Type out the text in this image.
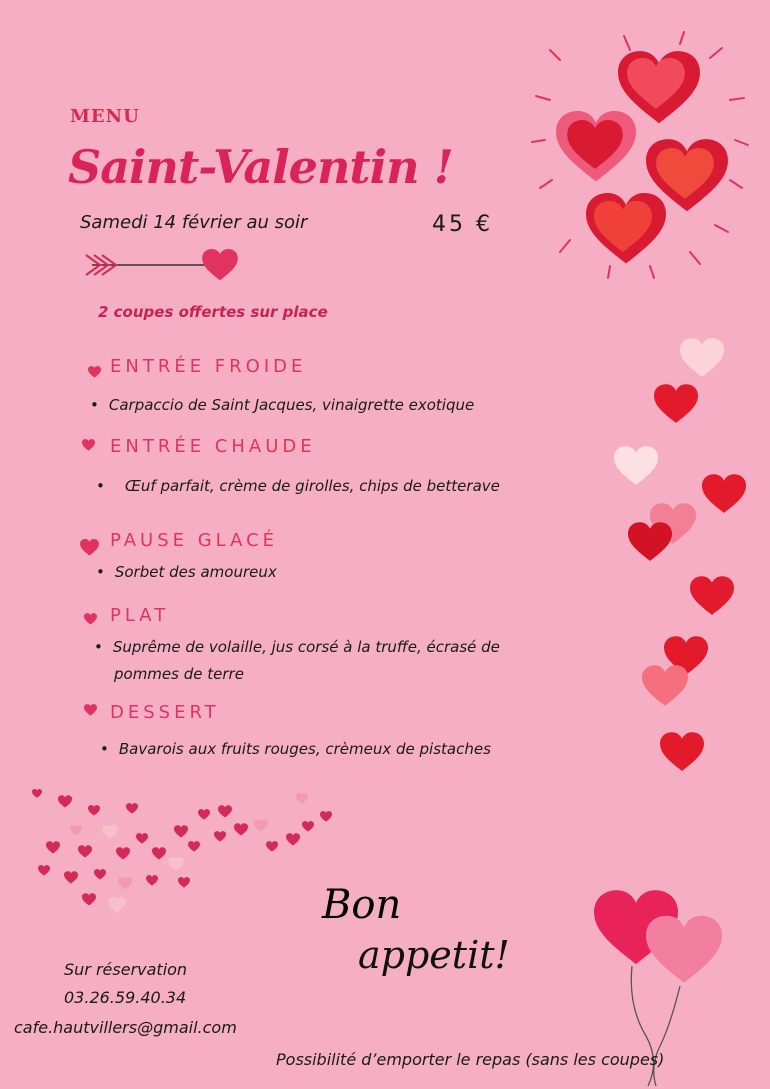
MENU
Saint-Valentin !
Samedi 14 février au soir	45 €
2 coupes offertes sur place
ENTRÉE FROIDE
• Carpaccio de Saint Jacques, vinaigrette exotique
ENTRÉE CHAUDE
• Œuf parfait, crème de girolles, chips de betterave
PAUSE GLACÉ
• Sorbet des amoureux
PLAT
• Suprême de volaille, jus corsé à la truffe, écrasé de
pommes de terre
DESSERT
• Bavarois aux fruits rouges, crèmeux de pistaches
Bon
appetit!
Sur réservation
03.26.59.40.34
cafe.hautvillers@gmail.com
Possibilité d’emporter le repas (sans les coupes)
